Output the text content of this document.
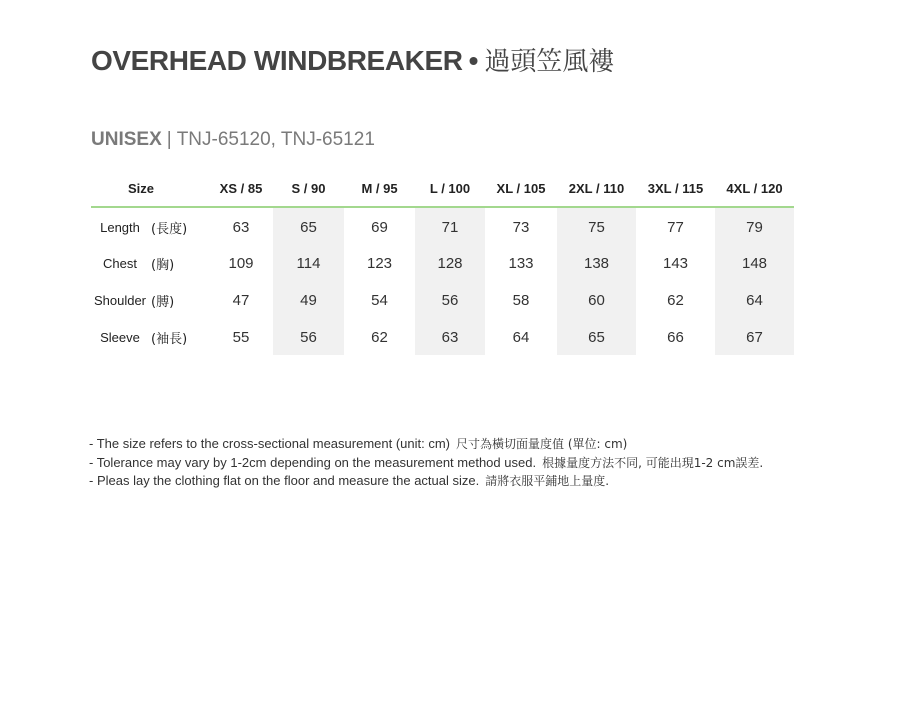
OVERHEAD WINDBREAKER • 過頭笠風褸
UNISEX | TNJ-65120, TNJ-65121
Size		XS / 85	S / 90	M / 95	L / 100	XL / 105	2XL / 110	3XL / 115	4XL / 120
Length	(長度)	63	65	69	71	73	75	77	79
Chest	(胸)	109	114	123	128	133	138	143	148
Shoulder	(膊)	47	49	54	56	58	60	62	64
Sleeve	(袖長)	55	56	62	63	64	65	66	67
- The size refers to the cross-sectional measurement (unit: cm) 尺寸為橫切面量度值 (單位: cm)
- Tolerance may vary by 1-2cm depending on the measurement method used. 根據量度方法不同, 可能出現1-2 cm誤差.
- Pleas lay the clothing flat on the floor and measure the actual size. 請將衣服平鋪地上量度.
